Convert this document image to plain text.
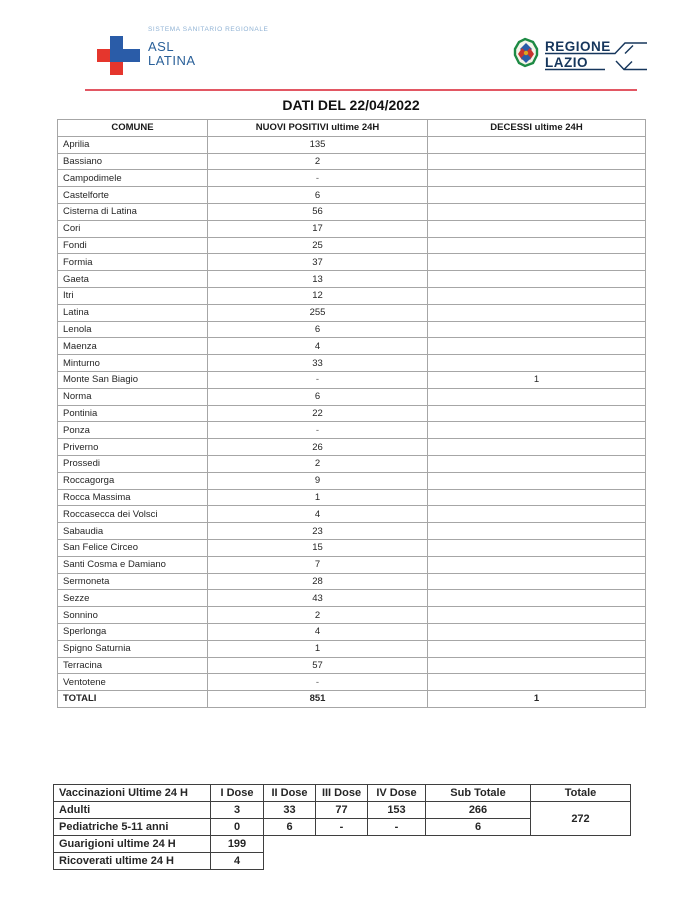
SISTEMA SANITARIO REGIONALE
ASL
LATINA
REGIONE
LAZIO
DATI DEL 22/04/2022
COMUNE	NUOVI POSITIVI ultime 24H	DECESSI ultime 24H
Aprilia	135	
Bassiano	2	
Campodimele	-	
Castelforte	6	
Cisterna di Latina	56	
Cori	17	
Fondi	25	
Formia	37	
Gaeta	13	
Itri	12	
Latina	255	
Lenola	6	
Maenza	4	
Minturno	33	
Monte San Biagio	-	1
Norma	6	
Pontinia	22	
Ponza	-	
Priverno	26	
Prossedi	2	
Roccagorga	9	
Rocca Massima	1	
Roccasecca dei Volsci	4	
Sabaudia	23	
San Felice Circeo	15	
Santi Cosma e Damiano	7	
Sermoneta	28	
Sezze	43	
Sonnino	2	
Sperlonga	4	
Spigno Saturnia	1	
Terracina	57	
Ventotene	-	
TOTALI	851	1
Vaccinazioni Ultime 24 H	I Dose	II Dose	III Dose	IV Dose	Sub Totale	Totale
Adulti	3	33	77	153	266	272
Pediatriche 5-11 anni	0	6	-	-	6	
Guarigioni ultime 24 H	199					
Ricoverati ultime 24 H	4					
